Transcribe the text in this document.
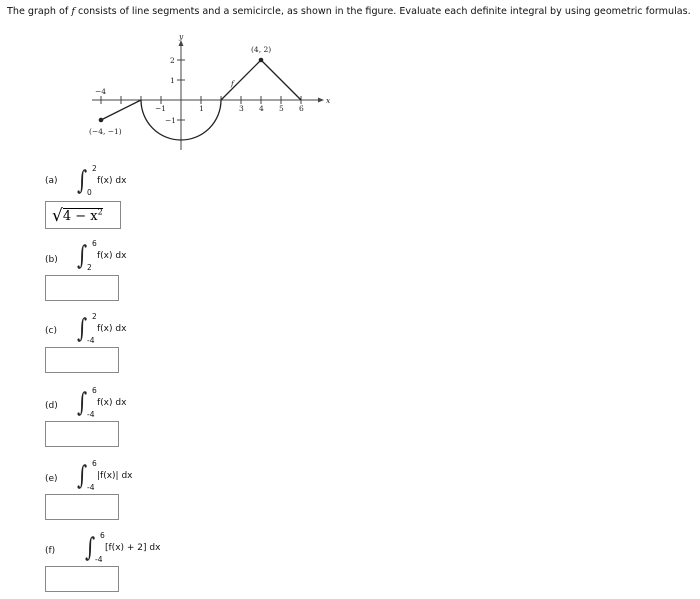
The graph of f consists of line segments and a semicircle, as shown in the figure. Evaluate each definite integral by using geometric formulas.
x
y
f
(−4, −1)
(4, 2)
−4
−1	1	3 4 5 6
2
1
−1
(a) ∫ 2
0
f(x) dx
$√4 - x^2$
(b) ∫ 6
2
f(x) dx
(c) ∫ 2
-4
f(x) dx
(d) ∫ 6
-4
f(x) dx
(e) ∫ 6
-4
|f(x)| dx
(f) ∫ 6
-4
[f(x) + 2] dx
